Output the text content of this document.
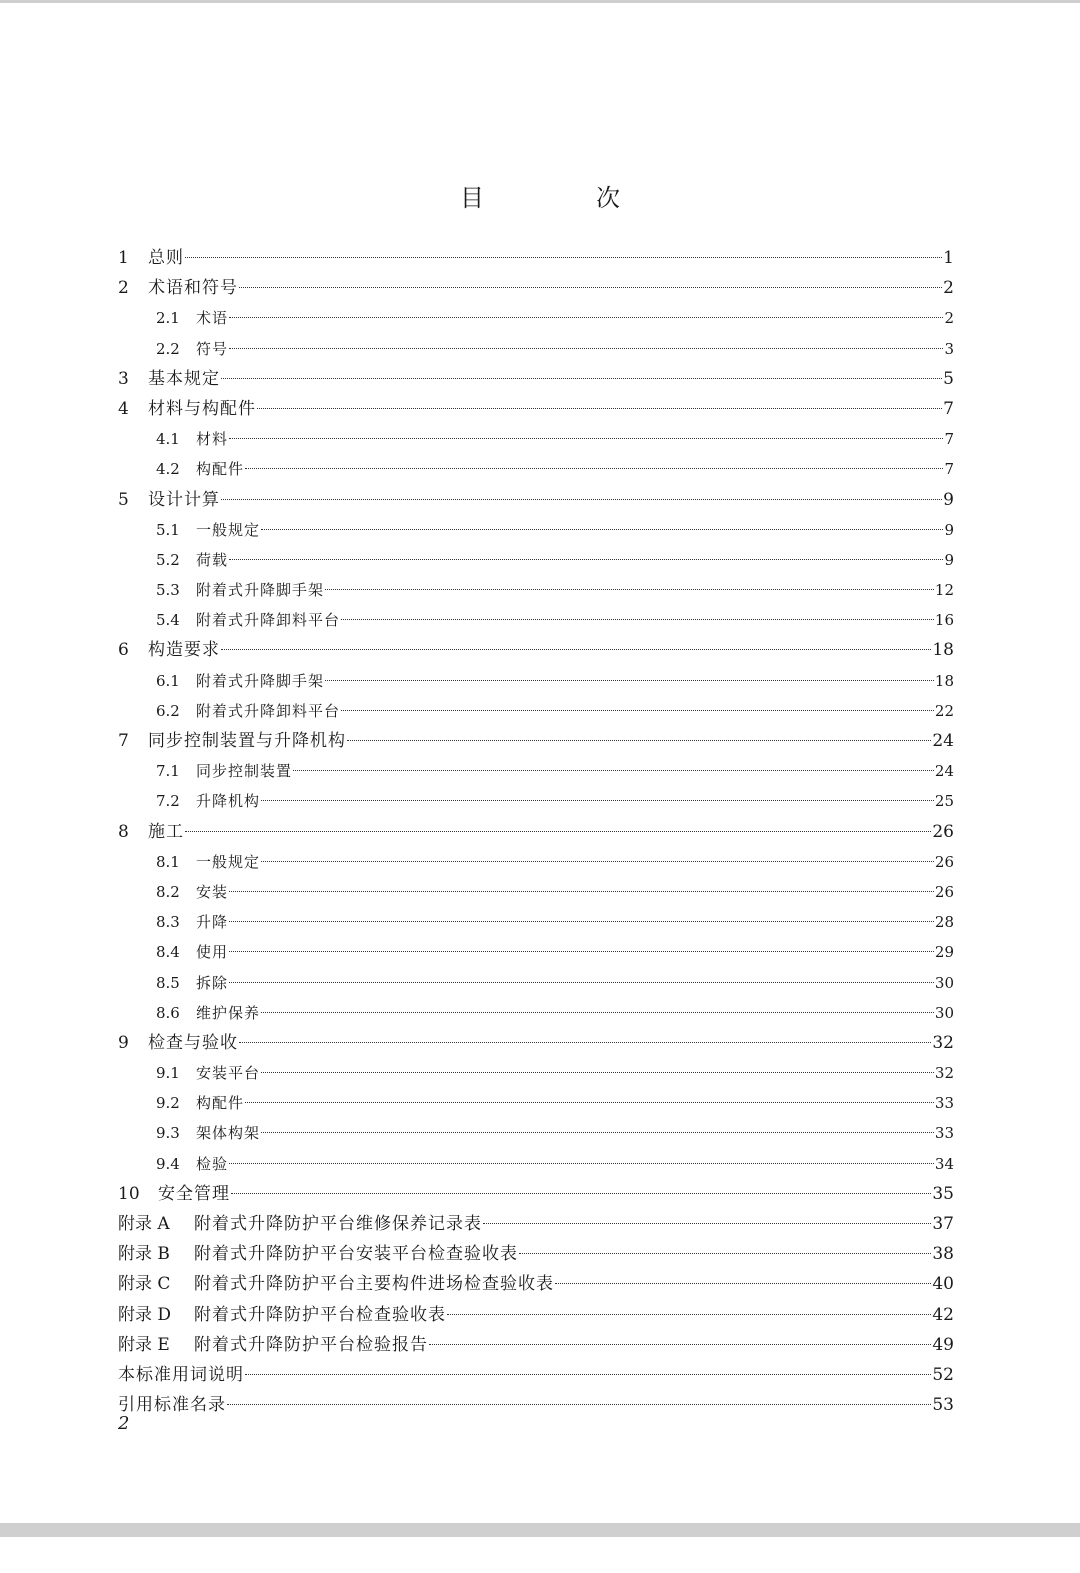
目　次
1	总则	1
2	术语和符号	2
2.1	术语	2
2.2	符号	3
3	基本规定	5
4	材料与构配件	7
4.1	材料	7
4.2	构配件	7
5	设计计算	9
5.1	一般规定	9
5.2	荷载	9
5.3	附着式升降脚手架	12
5.4	附着式升降卸料平台	16
6	构造要求	18
6.1	附着式升降脚手架	18
6.2	附着式升降卸料平台	22
7	同步控制装置与升降机构	24
7.1	同步控制装置	24
7.2	升降机构	25
8	施工	26
8.1	一般规定	26
8.2	安装	26
8.3	升降	28
8.4	使用	29
8.5	拆除	30
8.6	维护保养	30
9	检查与验收	32
9.1	安装平台	32
9.2	构配件	33
9.3	架体构架	33
9.4	检验	34
10	安全管理	35
附录 A	附着式升降防护平台维修保养记录表	37
附录 B	附着式升降防护平台安装平台检查验收表	38
附录 C	附着式升降防护平台主要构件进场检查验收表	40
附录 D	附着式升降防护平台检查验收表	42
附录 E	附着式升降防护平台检验报告	49
本标准用词说明	52
引用标准名录	53
2
